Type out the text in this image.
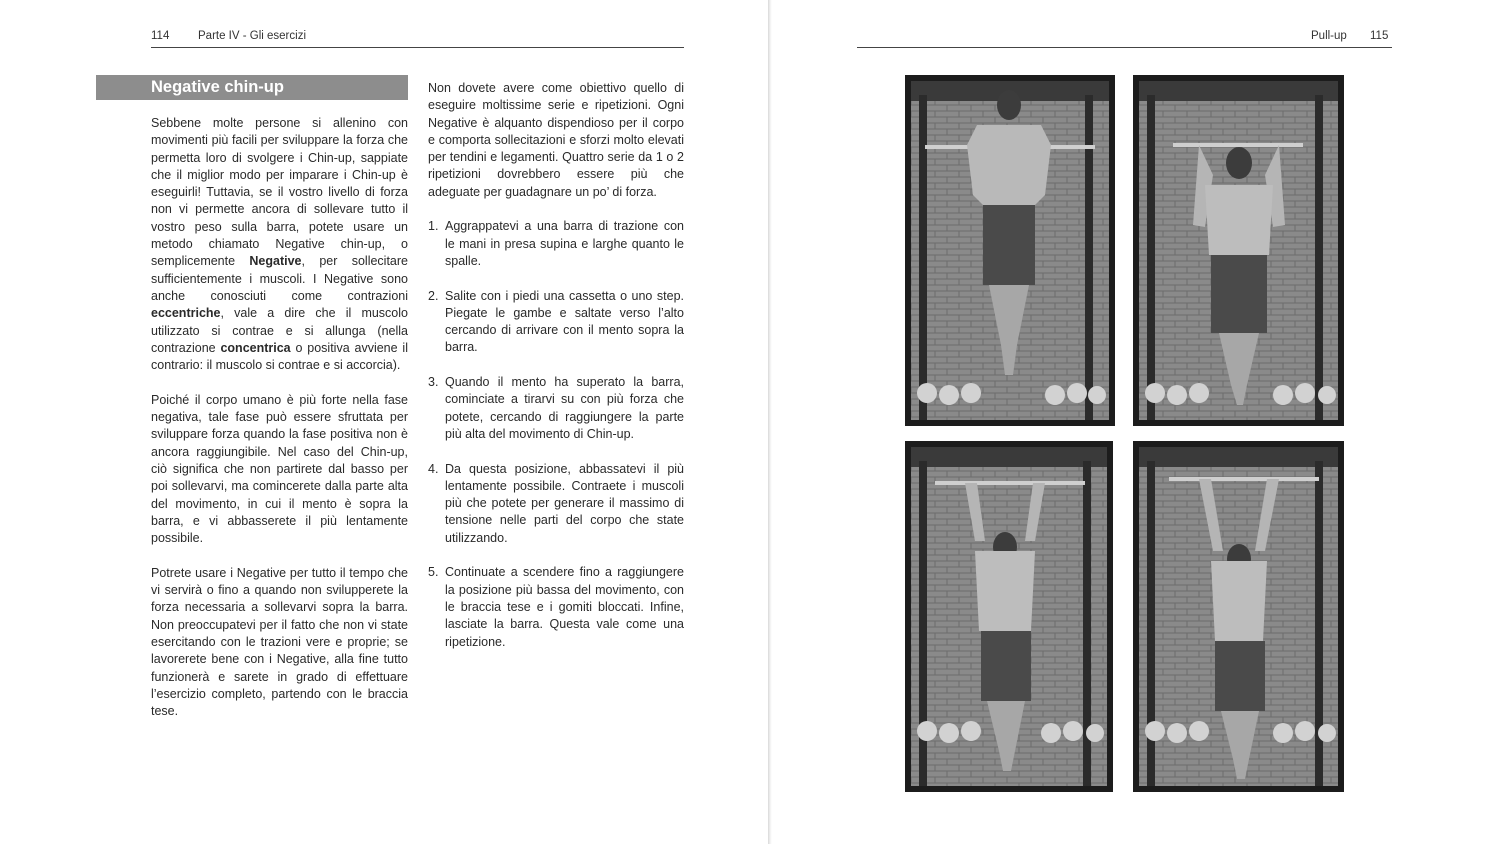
114 Parte IV - Gli esercizi
Negative chin-up

Sebbene molte persone si allenino con movimenti più facili per sviluppare la forza che permetta loro di svolgere i Chin-up, sappiate che il miglior modo per imparare i Chin-up è eseguirli! Tuttavia, se il vostro livello di forza non vi permette ancora di sollevare tutto il vostro peso sulla barra, potete usare un metodo chiamato Negative chin-up, o semplicemente Negative, per sollecitare sufficientemente i muscoli. I Negative sono anche conosciuti come contrazioni eccentriche, vale a dire che il muscolo utilizzato si contrae e si allunga (nella contrazione concentrica o positiva avviene il contrario: il muscolo si contrae e si accorcia).

Poiché il corpo umano è più forte nella fase negativa, tale fase può essere sfruttata per sviluppare forza quando la fase positiva non è ancora raggiungibile. Nel caso del Chin-up, ciò significa che non partirete dal basso per poi sollevarvi, ma comincerete dalla parte alta del movimento, in cui il mento è sopra la barra, e vi abbasserete il più lentamente possibile.

Potrete usare i Negative per tutto il tempo che vi servirà o fino a quando non svilupperete la forza necessaria a sollevarvi sopra la barra. Non preoccupatevi per il fatto che non vi state esercitando con le trazioni vere e proprie; se lavorerete bene con i Negative, alla fine tutto funzionerà e sarete in grado di effettuare l’esercizio completo, partendo con le braccia tese.

Non dovete avere come obiettivo quello di eseguire moltissime serie e ripetizioni. Ogni Negative è alquanto dispendioso per il corpo e comporta sollecitazioni e sforzi molto elevati per tendini e legamenti. Quattro serie da 1 o 2 ripetizioni dovrebbero essere più che adeguate per guadagnare un po’ di forza.

1. Aggrappatevi a una barra di trazione con le mani in presa supina e larghe quanto le spalle.
2. Salite con i piedi una cassetta o uno step. Piegate le gambe e saltate verso l’alto cercando di arrivare con il mento sopra la barra.
3. Quando il mento ha superato la barra, cominciate a tirarvi su con più forza che potete, cercando di raggiungere la parte più alta del movimento di Chin-up.
4. Da questa posizione, abbassatevi il più lentamente possibile. Contraete i muscoli più che potete per generare il massimo di tensione nelle parti del corpo che state utilizzando.
5. Continuate a scendere fino a raggiungere la posizione più bassa del movimento, con le braccia tese e i gomiti bloccati. Infine, lasciate la barra. Questa vale come una ripetizione.
Pull-up 115
